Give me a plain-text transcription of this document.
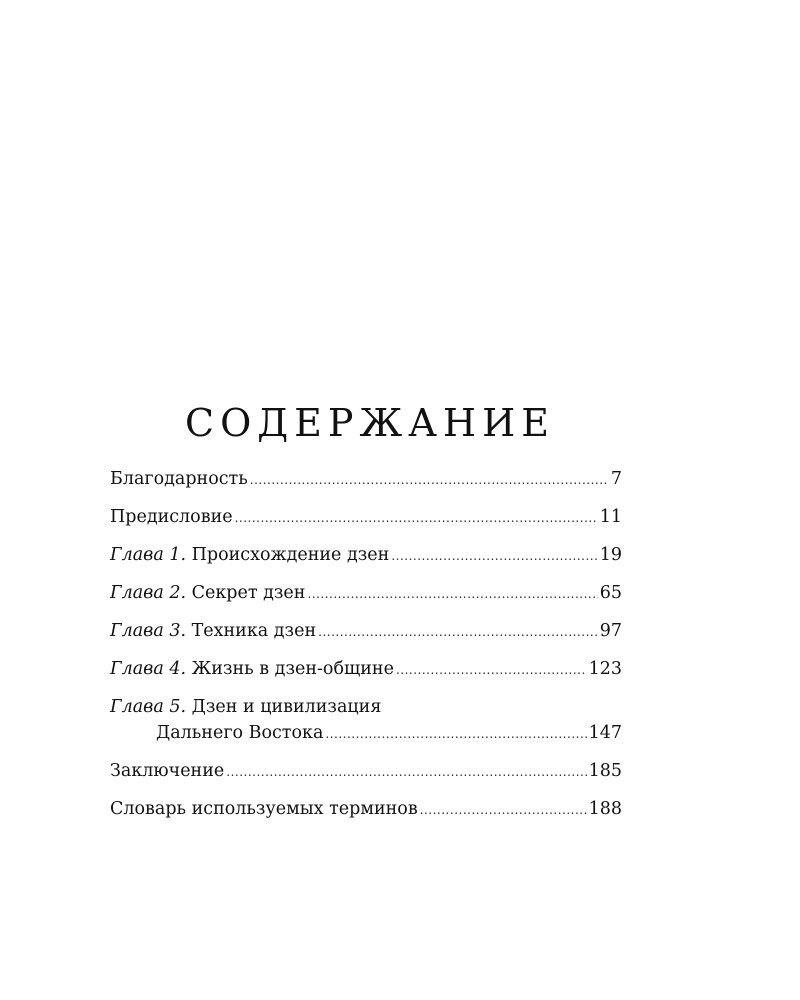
СОДЕРЖАНИЕ
Благодарность .....	7
Предисловие .....	11
Глава 1. Происхождение дзен .....	19
Глава 2. Секрет дзен .....	65
Глава 3. Техника дзен .....	97
Глава 4. Жизнь в дзен-общине .....	123
Глава 5. Дзен и цивилизация
Дальнего Востока .....	147
Заключение .....	185
Словарь используемых терминов .....	188
